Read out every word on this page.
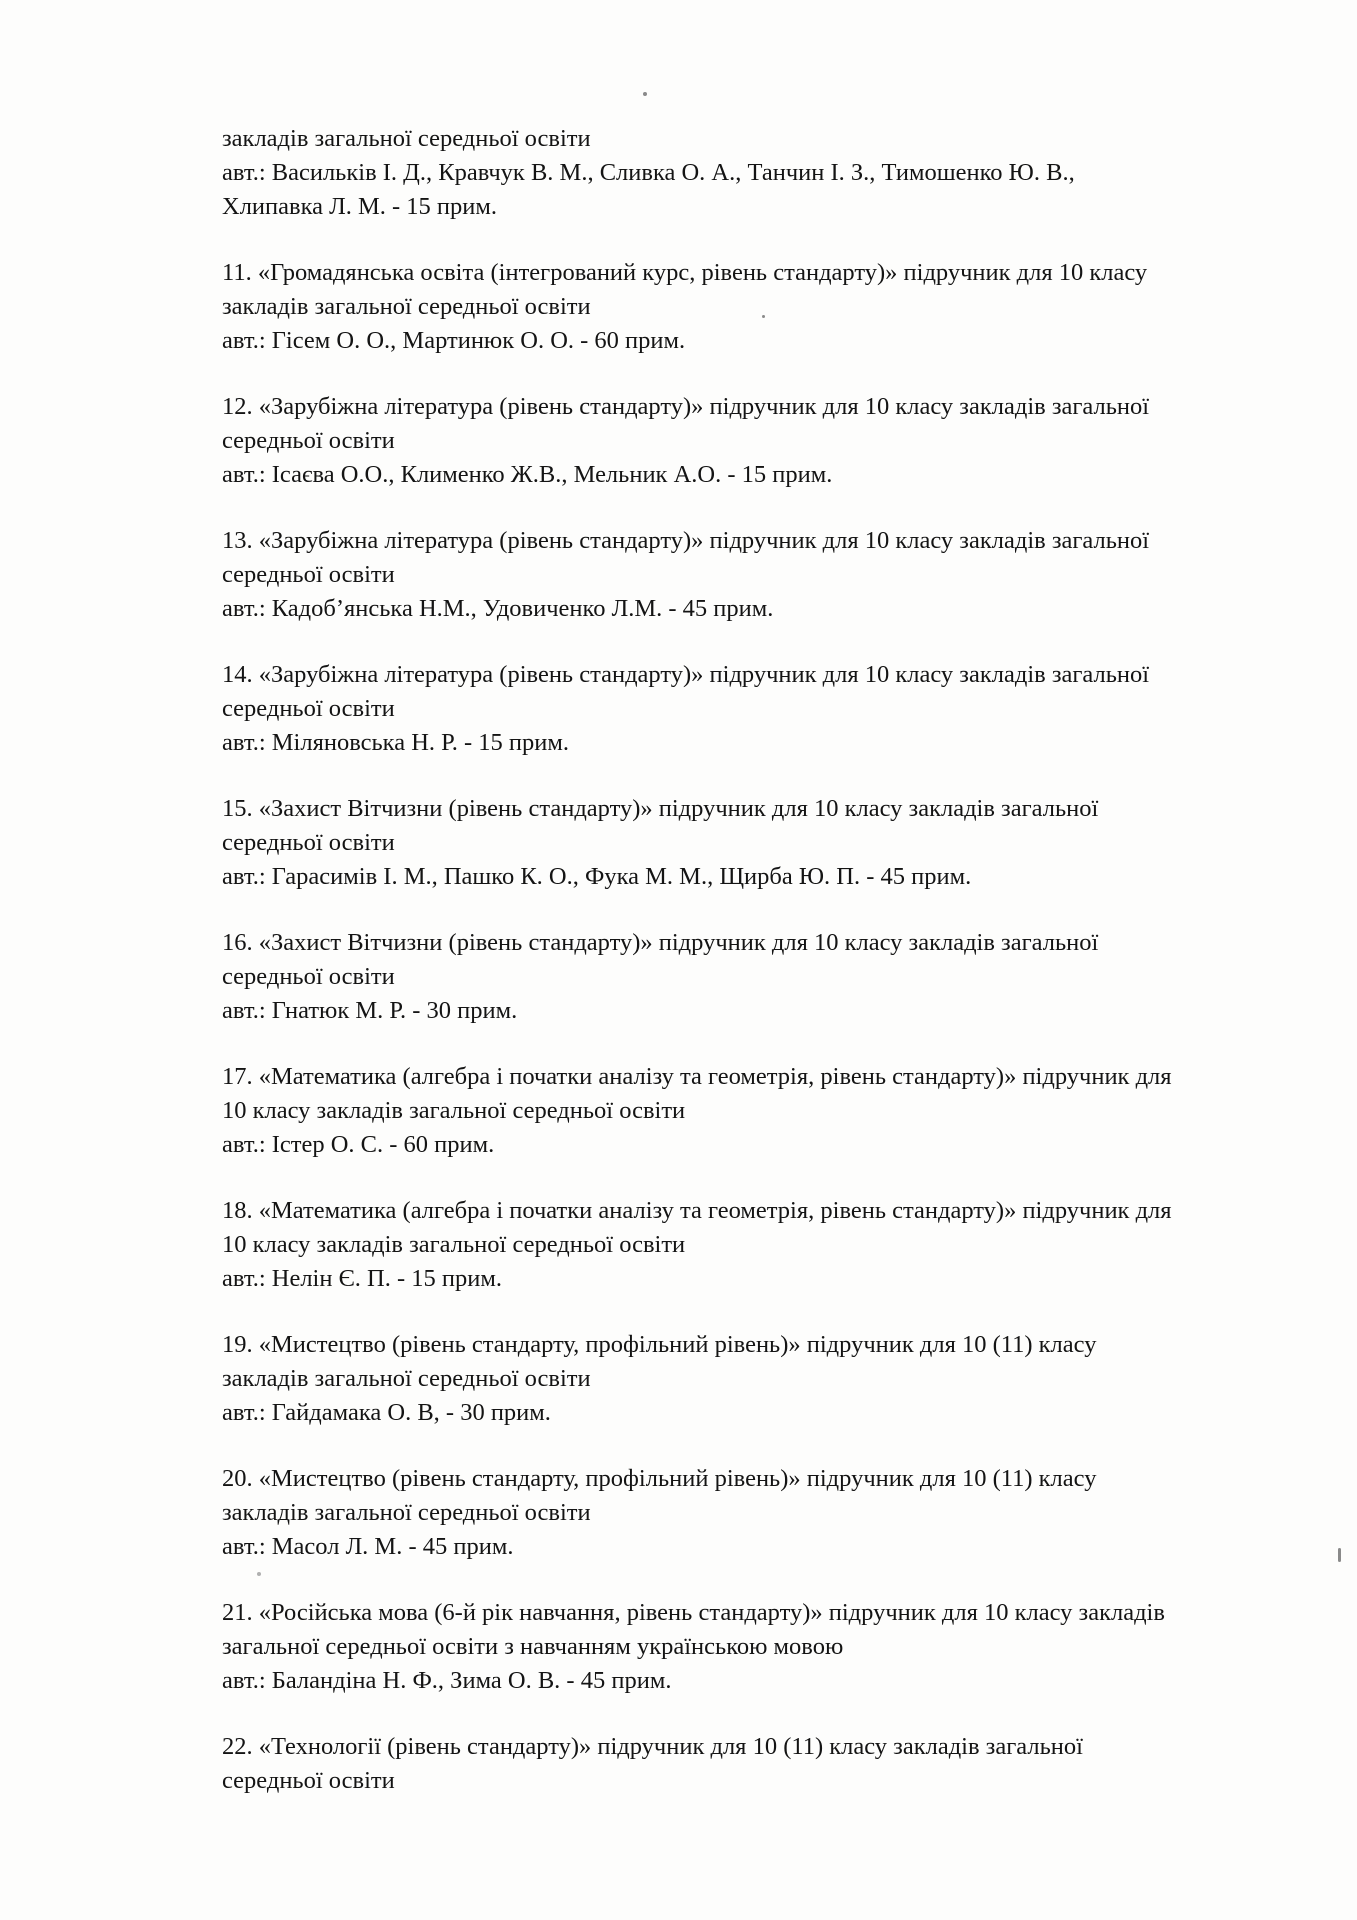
закладів загальної середньої освіти
авт.: Васильків І. Д., Кравчук В. М., Сливка О. А., Танчин І. З., Тимошенко Ю. В.,
Хлипавка Л. М. - 15 прим.
11. «Громадянська освіта (інтегрований курс, рівень стандарту)» підручник для 10 класу
закладів загальної середньої освіти
авт.: Гісем О. О., Мартинюк О. О. - 60 прим.
12. «Зарубіжна література (рівень стандарту)» підручник для 10 класу закладів загальної
середньої освіти
авт.: Ісаєва О.О., Клименко Ж.В., Мельник А.О. - 15 прим.
13. «Зарубіжна література (рівень стандарту)» підручник для 10 класу закладів загальної
середньої освіти
авт.: Кадоб’янська Н.М., Удовиченко Л.М. - 45 прим.
14. «Зарубіжна література (рівень стандарту)» підручник для 10 класу закладів загальної
середньої освіти
авт.: Міляновська Н. Р. - 15 прим.
15. «Захист Вітчизни (рівень стандарту)» підручник для 10 класу закладів загальної
середньої освіти
авт.: Гарасимів І. М., Пашко К. О., Фука М. М., Щирба Ю. П. - 45 прим.
16. «Захист Вітчизни (рівень стандарту)» підручник для 10 класу закладів загальної
середньої освіти
авт.: Гнатюк М. Р. - 30 прим.
17. «Математика (алгебра і початки аналізу та геометрія, рівень стандарту)» підручник для
10 класу закладів загальної середньої освіти
авт.: Істер О. С. - 60 прим.
18. «Математика (алгебра і початки аналізу та геометрія, рівень стандарту)» підручник для
10 класу закладів загальної середньої освіти
авт.: Нелін Є. П. - 15 прим.
19. «Мистецтво (рівень стандарту, профільний рівень)» підручник для 10 (11) класу
закладів загальної середньої освіти
авт.: Гайдамака О. В, - 30 прим.
20. «Мистецтво (рівень стандарту, профільний рівень)» підручник для 10 (11) класу
закладів загальної середньої освіти
авт.: Масол Л. М. - 45 прим.
21. «Російська мова (6-й рік навчання, рівень стандарту)» підручник для 10 класу закладів
загальної середньої освіти з навчанням українською мовою
авт.: Баландіна Н. Ф., Зима О. В. - 45 прим.
22. «Технології (рівень стандарту)» підручник для 10 (11) класу закладів загальної
середньої освіти
